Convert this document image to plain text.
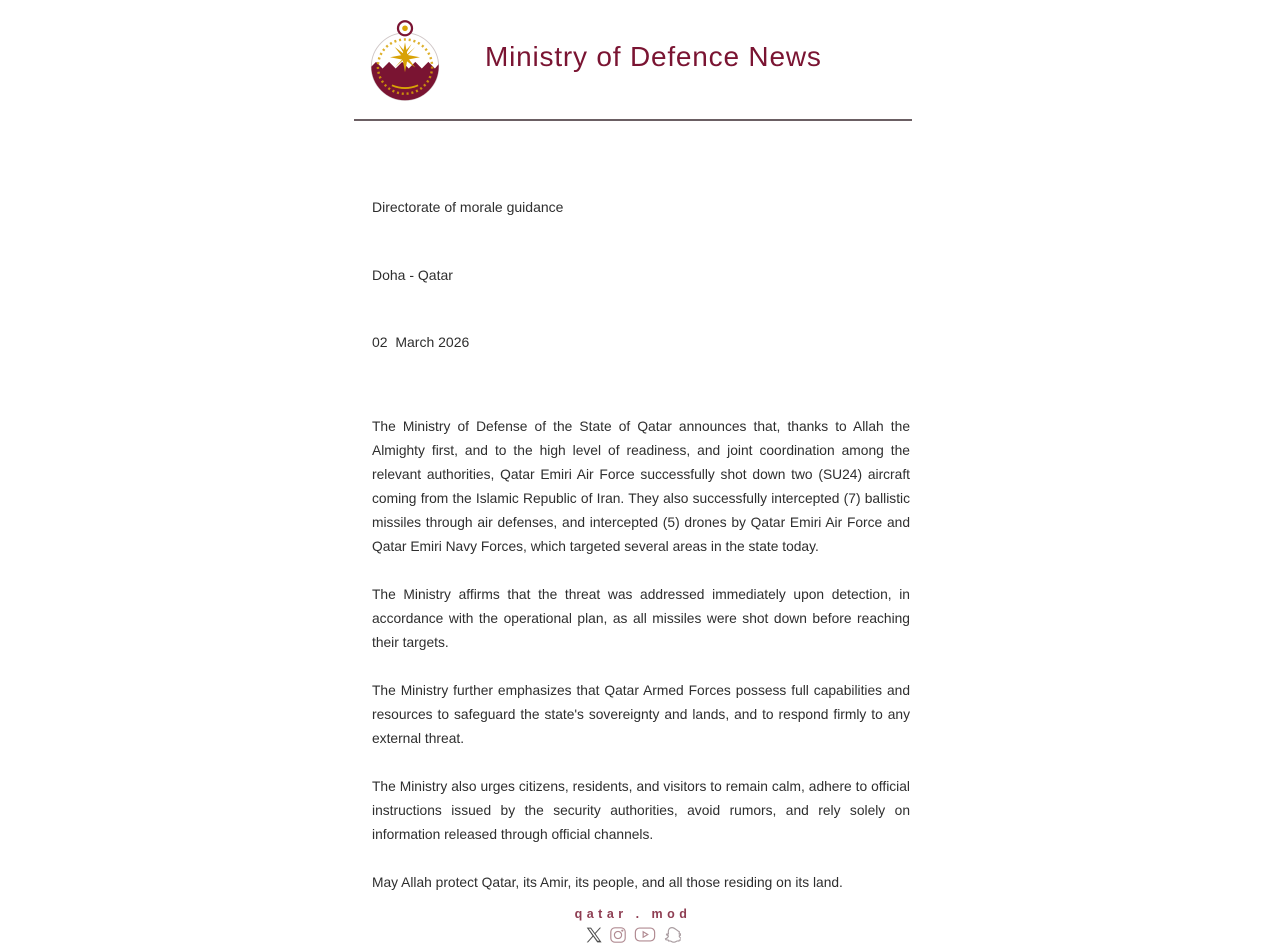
Ministry of Defence News

Directorate of morale guidance

Doha - Qatar

02  March 2026

The Ministry of Defense of the State of Qatar announces that, thanks to Allah the Almighty first, and to the high level of readiness, and joint coordination among the relevant authorities, Qatar Emiri Air Force successfully shot down two (SU24) aircraft coming from the Islamic Republic of Iran. They also successfully intercepted (7) ballistic missiles through air defenses, and intercepted (5) drones by Qatar Emiri Air Force and Qatar Emiri Navy Forces, which targeted several areas in the state today.

The Ministry affirms that the threat was addressed immediately upon detection, in accordance with the operational plan, as all missiles were shot down before reaching their targets.

The Ministry further emphasizes that Qatar Armed Forces possess full capabilities and resources to safeguard the state's sovereignty and lands, and to respond firmly to any external threat.

The Ministry also urges citizens, residents, and visitors to remain calm, adhere to official instructions issued by the security authorities, avoid rumors, and rely solely on information released through official channels.

May Allah protect Qatar, its Amir, its people, and all those residing on its land.

qatar . mod
